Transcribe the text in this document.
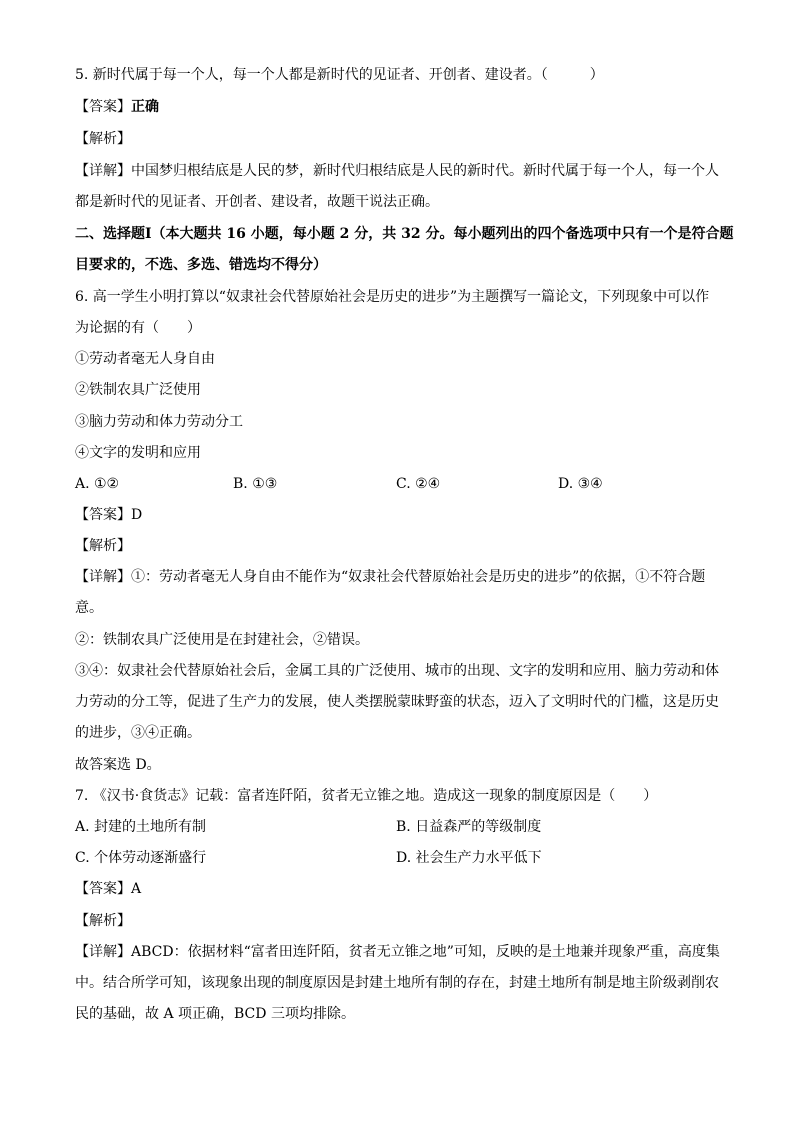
5. 新时代属于每一个人，每一个人都是新时代的见证者、开创者、建设者。（　　　）
【答案】正确
【解析】
【详解】中国梦归根结底是人民的梦，新时代归根结底是人民的新时代。新时代属于每一个人，每一个人
都是新时代的见证者、开创者、建设者，故题干说法正确。
二、选择题Ⅰ（本大题共 16 小题，每小题 2 分，共 32 分。每小题列出的四个备选项中只有一个是符合题
目要求的，不选、多选、错选均不得分）
6. 高一学生小明打算以“奴隶社会代替原始社会是历史的进步”为主题撰写一篇论文，下列现象中可以作
为论据的有（　　）
①劳动者毫无人身自由
②铁制农具广泛使用
③脑力劳动和体力劳动分工
④文字的发明和应用
A. ①②	B. ①③	C. ②④	D. ③④
【答案】D
【解析】
【详解】①：劳动者毫无人身自由不能作为“奴隶社会代替原始社会是历史的进步”的依据，①不符合题
意。
②：铁制农具广泛使用是在封建社会，②错误。
③④：奴隶社会代替原始社会后，金属工具的广泛使用、城市的出现、文字的发明和应用、脑力劳动和体
力劳动的分工等，促进了生产力的发展，使人类摆脱蒙昧野蛮的状态，迈入了文明时代的门槛，这是历史
的进步，③④正确。
故答案选 D。
7. 《汉书·食货志》记载：富者连阡陌，贫者无立锥之地。造成这一现象的制度原因是（　　）
A. 封建的土地所有制	B. 日益森严的等级制度
C. 个体劳动逐渐盛行	D. 社会生产力水平低下
【答案】A
【解析】
【详解】ABCD：依据材料“富者田连阡陌，贫者无立锥之地”可知，反映的是土地兼并现象严重，高度集
中。结合所学可知，该现象出现的制度原因是封建土地所有制的存在，封建土地所有制是地主阶级剥削农
民的基础，故 A 项正确，BCD 三项均排除。
